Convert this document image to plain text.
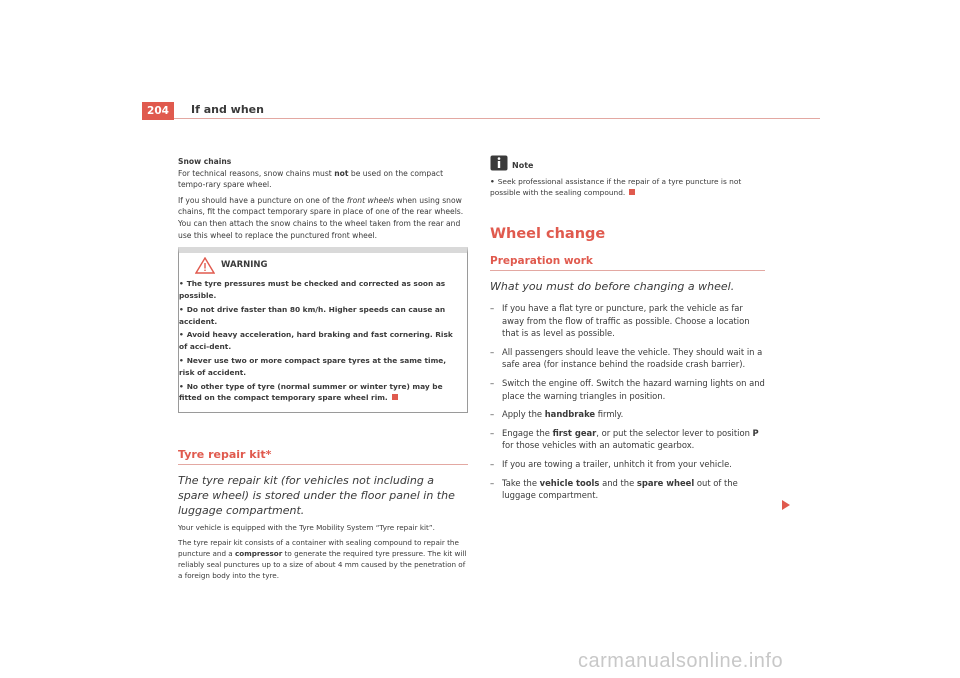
204	If and when

Snow chains

For technical reasons, snow chains must not be used on the compact tempo-rary spare wheel.

If you should have a puncture on one of the front wheels when using snow chains, fit the compact temporary spare in place of one of the rear wheels. You can then attach the snow chains to the wheel taken from the rear and use this wheel to replace the punctured front wheel.

WARNING
• The tyre pressures must be checked and corrected as soon as possible.
• Do not drive faster than 80 km/h. Higher speeds can cause an accident.
• Avoid heavy acceleration, hard braking and fast cornering. Risk of acci-dent.
• Never use two or more compact spare tyres at the same time, risk of accident.
• No other type of tyre (normal summer or winter tyre) may be fitted on the compact temporary spare wheel rim.
Tyre repair kit*
The tyre repair kit (for vehicles not including a spare wheel) is stored under the floor panel in the luggage compartment.

Your vehicle is equipped with the Tyre Mobility System “Tyre repair kit”.

The tyre repair kit consists of a container with sealing compound to repair the puncture and a compressor to generate the required tyre pressure. The kit will reliably seal punctures up to a size of about 4 mm caused by the penetration of a foreign body into the tyre.

Note

• Seek professional assistance if the repair of a tyre puncture is not possible with the sealing compound.

Wheel change
Preparation work
What you must do before changing a wheel.
– If you have a flat tyre or puncture, park the vehicle as far away from the flow of traffic as possible. Choose a location that is as level as possible.
– All passengers should leave the vehicle. They should wait in a safe area (for instance behind the roadside crash barrier).
– Switch the engine off. Switch the hazard warning lights on and place the warning triangles in position.
– Apply the handbrake firmly.
– Engage the first gear, or put the selector lever to position P for those vehicles with an automatic gearbox.
– If you are towing a trailer, unhitch it from your vehicle.
– Take the vehicle tools and the spare wheel out of the luggage compartment.
carmanualsonline.info
